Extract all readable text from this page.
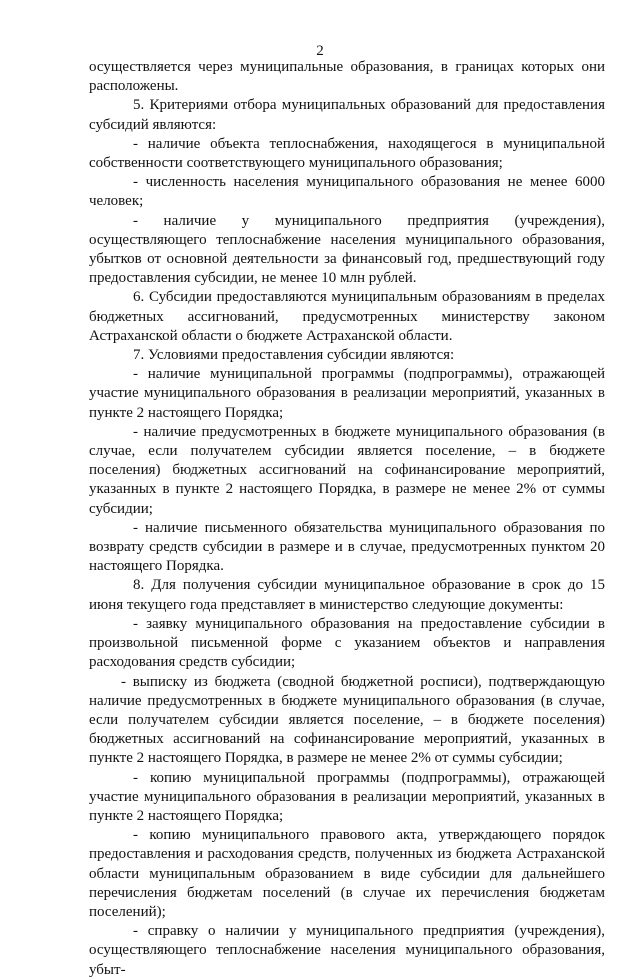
2

осуществляется через муниципальные образования, в границах которых они расположены.

5. Критериями отбора муниципальных образований для предоставления субсидий являются:

- наличие объекта теплоснабжения, находящегося в муниципальной собственности соответствующего муниципального образования;

- численность населения муниципального образования не менее 6000 человек;

- наличие у муниципального предприятия (учреждения), осуществляющего теплоснабжение населения муниципального образования, убытков от основной деятельности за финансовый год, предшествующий году предоставления субсидии, не менее 10 млн рублей.

6. Субсидии предоставляются муниципальным образованиям в пределах бюджетных ассигнований, предусмотренных министерству законом Астраханской области о бюджете Астраханской области.

7. Условиями предоставления субсидии являются:

- наличие муниципальной программы (подпрограммы), отражающей участие муниципального образования в реализации мероприятий, указанных в пункте 2 настоящего Порядка;

- наличие предусмотренных в бюджете муниципального образования (в случае, если получателем субсидии является поселение, – в бюджете поселения) бюджетных ассигнований на софинансирование мероприятий, указанных в пункте 2 настоящего Порядка, в размере не менее 2% от суммы субсидии;

- наличие письменного обязательства муниципального образования по возврату средств субсидии в размере и в случае, предусмотренных пунктом 20 настоящего Порядка.

8. Для получения субсидии муниципальное образование в срок до 15 июня текущего года представляет в министерство следующие документы:

- заявку муниципального образования на предоставление субсидии в произвольной письменной форме с указанием объектов и направления расходования средств субсидии;

- выписку из бюджета (сводной бюджетной росписи), подтверждающую наличие предусмотренных в бюджете муниципального образования (в случае, если получателем субсидии является поселение, – в бюджете поселения) бюджетных ассигнований на софинансирование мероприятий, указанных в пункте 2 настоящего Порядка, в размере не менее 2% от суммы субсидии;

- копию муниципальной программы (подпрограммы), отражающей участие муниципального образования в реализации мероприятий, указанных в пункте 2 настоящего Порядка;

- копию муниципального правового акта, утверждающего порядок предоставления и расходования средств, полученных из бюджета Астраханской области муниципальным образованием в виде субсидии для дальнейшего перечисления бюджетам поселений (в случае их перечисления бюджетам поселений);

- справку о наличии у муниципального предприятия (учреждения), осуществляющего теплоснабжение населения муниципального образования, убыт-
